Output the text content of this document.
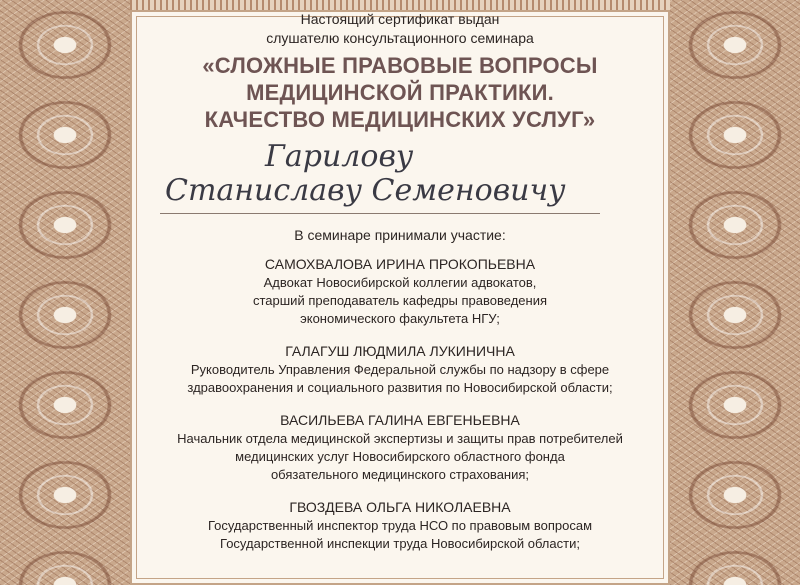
Настоящий сертификат выдан
слушателю консультационного семинара

«СЛОЖНЫЕ ПРАВОВЫЕ ВОПРОСЫ
МЕДИЦИНСКОЙ ПРАКТИКИ.
КАЧЕСТВО МЕДИЦИНСКИХ УСЛУГ»
Гарилову
Станиславу Семеновичу
В семинаре принимали участие:
САМОХВАЛОВА ИРИНА ПРОКОПЬЕВНА
Адвокат Новосибирской коллегии адвокатов,
старший преподаватель кафедры правоведения
экономического факультета НГУ;
ГАЛАГУШ ЛЮДМИЛА ЛУКИНИЧНА
Руководитель Управления Федеральной службы по надзору в сфере
здравоохранения и социального развития по Новосибирской области;
ВАСИЛЬЕВА ГАЛИНА ЕВГЕНЬЕВНА
Начальник отдела медицинской экспертизы и защиты прав потребителей
медицинских услуг Новосибирского областного фонда
обязательного медицинского страхования;
ГВОЗДЕВА ОЛЬГА НИКОЛАЕВНА
Государственный инспектор труда НСО по правовым вопросам
Государственной инспекции труда Новосибирской области;
